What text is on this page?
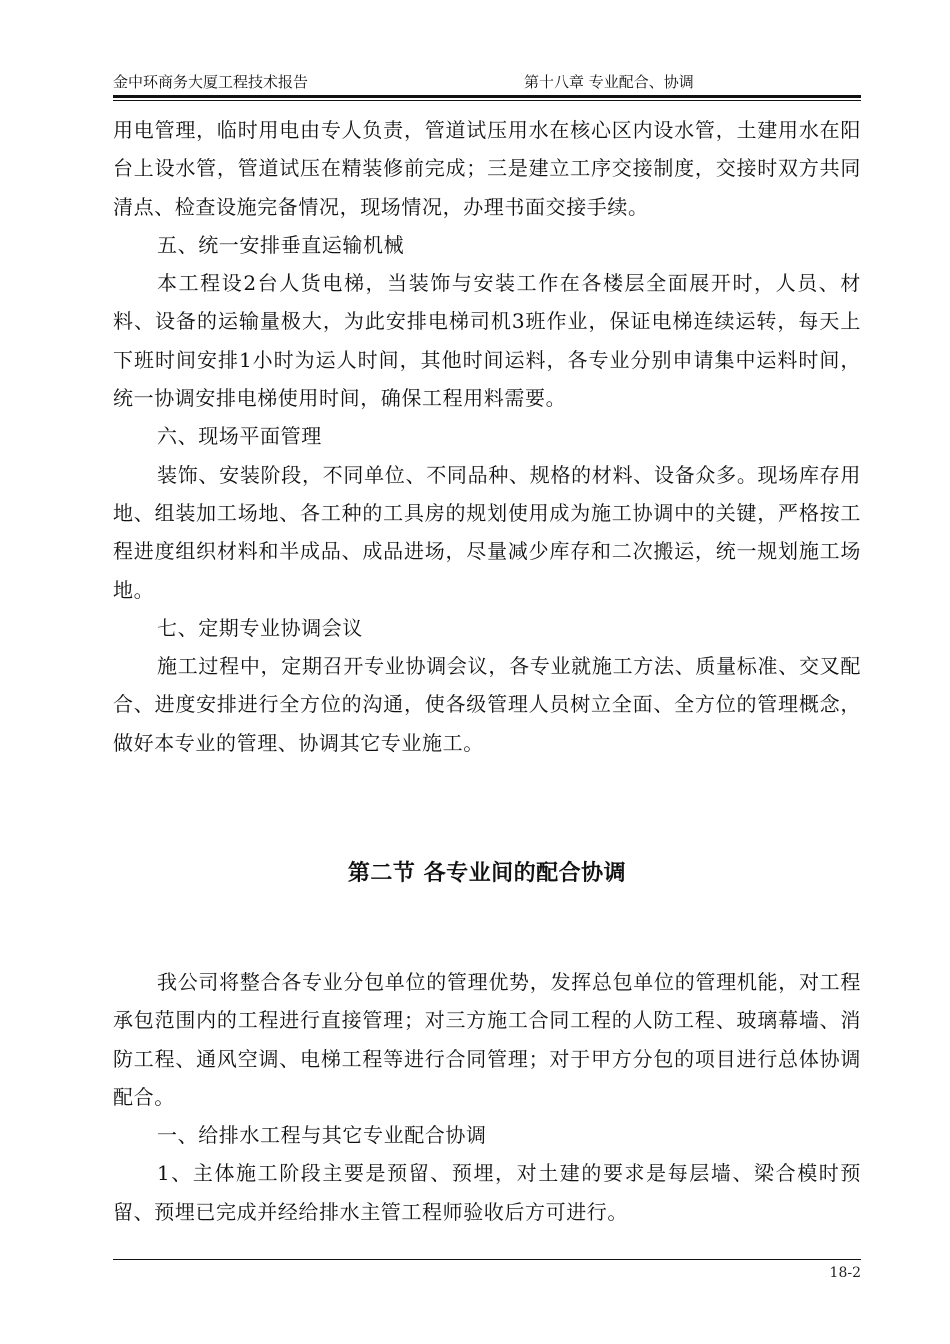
金中环商务大厦工程技术报告	第十八章 专业配合、协调

用电管理，临时用电由专人负责，管道试压用水在核心区内设水管，土建用水在阳台上设水管，管道试压在精装修前完成；三是建立工序交接制度，交接时双方共同清点、检查设施完备情况，现场情况，办理书面交接手续。

五、统一安排垂直运输机械

本工程设2台人货电梯，当装饰与安装工作在各楼层全面展开时，人员、材料、设备的运输量极大，为此安排电梯司机3班作业，保证电梯连续运转，每天上下班时间安排1小时为运人时间，其他时间运料，各专业分别申请集中运料时间，统一协调安排电梯使用时间，确保工程用料需要。

六、现场平面管理

装饰、安装阶段，不同单位、不同品种、规格的材料、设备众多。现场库存用地、组装加工场地、各工种的工具房的规划使用成为施工协调中的关键，严格按工程进度组织材料和半成品、成品进场，尽量减少库存和二次搬运，统一规划施工场地。

七、定期专业协调会议

施工过程中，定期召开专业协调会议，各专业就施工方法、质量标准、交叉配合、进度安排进行全方位的沟通，使各级管理人员树立全面、全方位的管理概念，做好本专业的管理、协调其它专业施工。

第二节 各专业间的配合协调

我公司将整合各专业分包单位的管理优势，发挥总包单位的管理机能，对工程承包范围内的工程进行直接管理；对三方施工合同工程的人防工程、玻璃幕墙、消防工程、通风空调、电梯工程等进行合同管理；对于甲方分包的项目进行总体协调配合。

一、给排水工程与其它专业配合协调

1、主体施工阶段主要是预留、预埋，对土建的要求是每层墙、梁合模时预留、预埋已完成并经给排水主管工程师验收后方可进行。

18-2
